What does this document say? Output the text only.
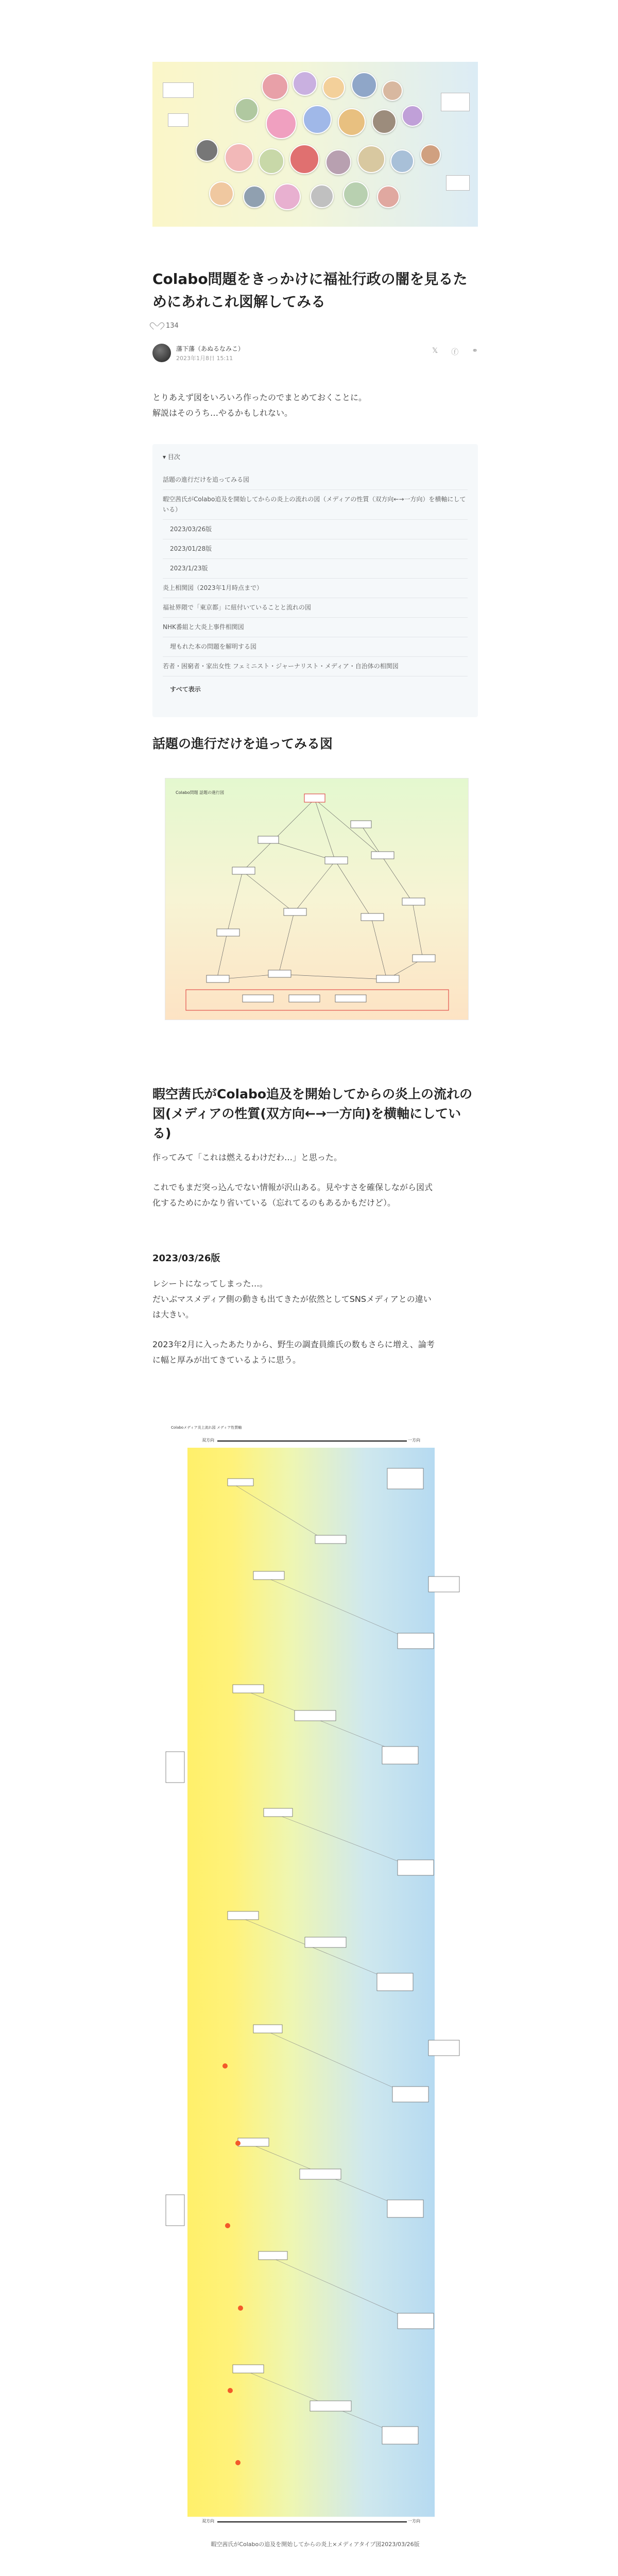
Colabo問題をきっかけに福祉行政の闇を見るためにあれこれ図解してみる
134
藩下藩（あぬるなみこ）
2023年1月8日 15:11
𝕏 ⓕ ⚭

とりあえず図をいろいろ作ったのでまとめておくことに。

解説はそのうち…やるかもしれない。

▾ 目次
話題の進行だけを追ってみる図
暇空茜氏がColabo追及を開始してからの炎上の流れの図（メディアの性質（双方向←→一方向）を横軸にしている）
2023/03/26版
2023/01/28版
2023/1/23版
炎上相関図（2023年1月時点まで）
福祉界隈で「東京都」に紐付いていることと流れの図
NHK番組と大炎上事件相関図
埋もれた本の問題を解明する図
若者・困窮者・家出女性 フェミニスト・ジャーナリスト・メディア・自治体の相関図
すべて表示
話題の進行だけを追ってみる図
Colabo問題 話題の進行図
暇空茜氏がColabo追及を開始してからの炎上の流れの図(メディアの性質(双方向←→一方向)を横軸にしている)

作ってみて「これは燃えるわけだわ…」と思った。

これでもまだ突っ込んでない情報が沢山ある。見やすさを確保しながら図式

化するためにかなり省いている（忘れてるのもあるかもだけど）。

2023/03/26版

レシートになってしまった…。

だいぶマスメディア側の動きも出てきたが依然としてSNSメディアとの違い

は大きい。

2023年2月に入ったあたりから、野生の調査員維氏の数もさらに増え、論考

に幅と厚みが出てきているように思う。

Colaboメディア炎上流れ図 メディア性質軸
双方向	一方向
双方向	一方向

暇空茜氏がColaboの追及を開始してからの炎上×メディアタイプ図2023/03/26版
